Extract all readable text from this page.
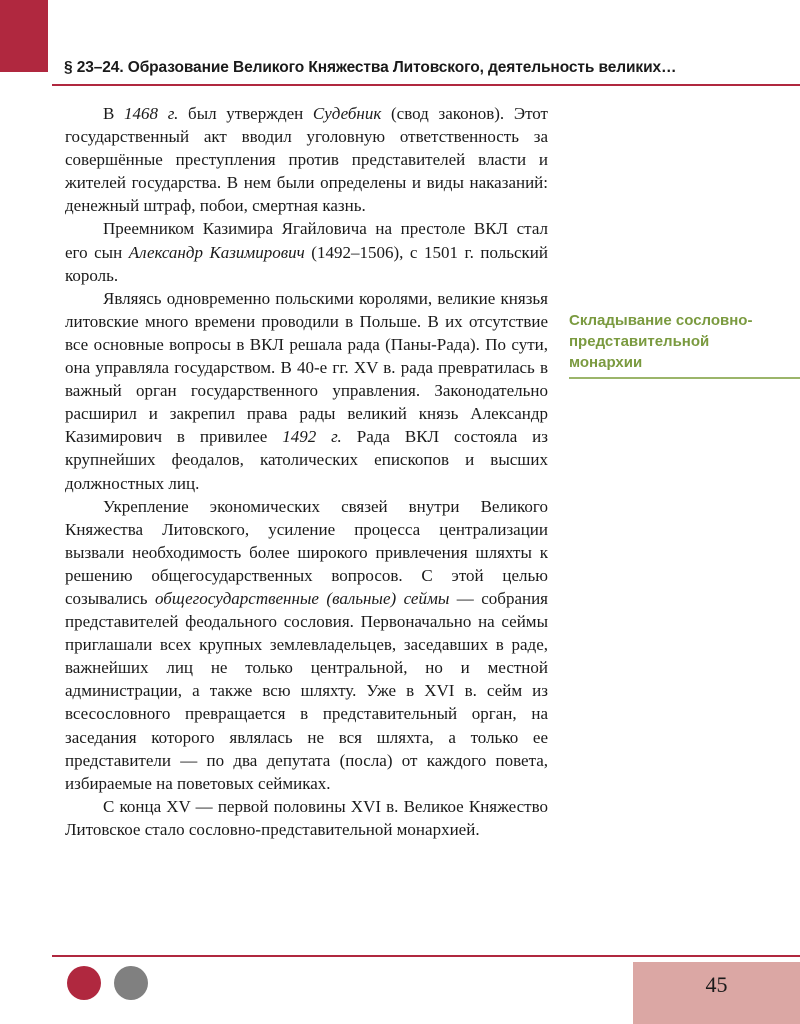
§ 23–24. Образование Великого Княжества Литовского, деятельность великих…

В 1468 г. был утвержден Судебник (свод законов). Этот государственный акт вводил уголовную ответственность за совершённые преступления против представителей власти и жителей государства. В нем были определены и виды наказаний: денежный штраф, побои, смертная казнь.

Преемником Казимира Ягайловича на престоле ВКЛ стал его сын Александр Казимирович (1492–1506), с 1501 г. польский король.

Являясь одновременно польскими королями, великие князья литовские много времени проводили в Польше. В их отсутствие все основные вопросы в ВКЛ решала рада (Паны-Рада). По сути, она управляла государством. В 40-е гг. XV в. рада превратилась в важный орган государственного управления. Законодательно расширил и закрепил права рады великий князь Александр Казимирович в привилее 1492 г. Рада ВКЛ состояла из крупнейших феодалов, католических епископов и высших должностных лиц.

Укрепление экономических связей внутри Великого Княжества Литовского, усиление процесса централизации вызвали необходимость более широкого привлечения шляхты к решению общегосударственных вопросов. С этой целью созывались общегосударственные (вальные) сеймы — собрания представителей феодального сословия. Первоначально на сеймы приглашали всех крупных землевладельцев, заседавших в раде, важнейших лиц не только центральной, но и местной администрации, а также всю шляхту. Уже в XVI в. сейм из всесословного превращается в представительный орган, на заседания которого являлась не вся шляхта, а только ее представители — по два депутата (посла) от каждого повета, избираемые на поветовых сеймиках.

С конца XV — первой половины XVI в. Великое Княжество Литовское стало сословно-представительной монархией.

Складывание сословно-
представительной
монархии
45
